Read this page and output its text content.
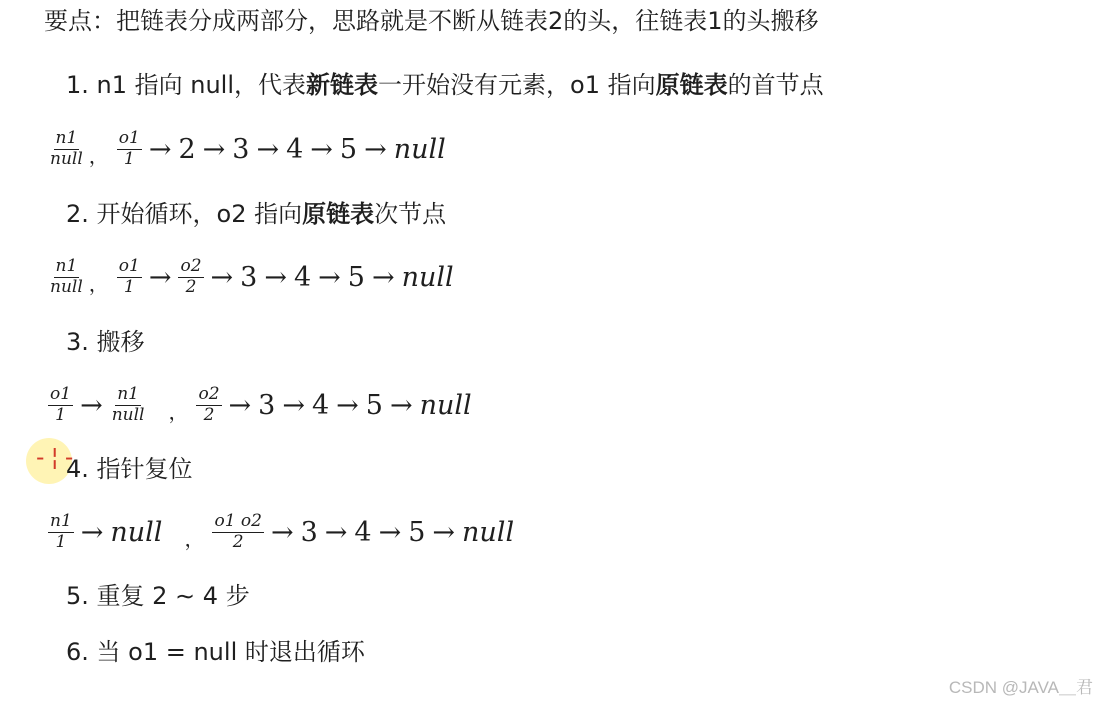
要点：把链表分成两部分，思路就是不断从链表2的头，往链表1的头搬移
1. n1 指向 null，代表新链表一开始没有元素，o1 指向原链表的首节点
$\frac{n1}{\text{null}}$ ， $\frac{o1}{1} \to 2 \to 3 \to 4 \to 5$ → null
2. 开始循环，o2 指向原链表次节点
$\frac{n1}{\text{null}}$ ， $\frac{o1}{1} \to \frac{o2}{2} \to 3 \to 4 \to 5$ → null
3. 搬移
$\frac{o1}{1} \to \frac{n1}{\text{null}}$ ， $\frac{o2}{2} \to 3 \to 4 \to 5$ → null
-¦-
4. 指针复位
$\frac{n1}{1}$ → null ， $\frac{o1 o2}{2} \to 3 \to 4 \to 5$ → null
5. 重复 2 ∼ 4 步
6. 当 o1 = null 时退出循环
CSDN @JAVA＿君
